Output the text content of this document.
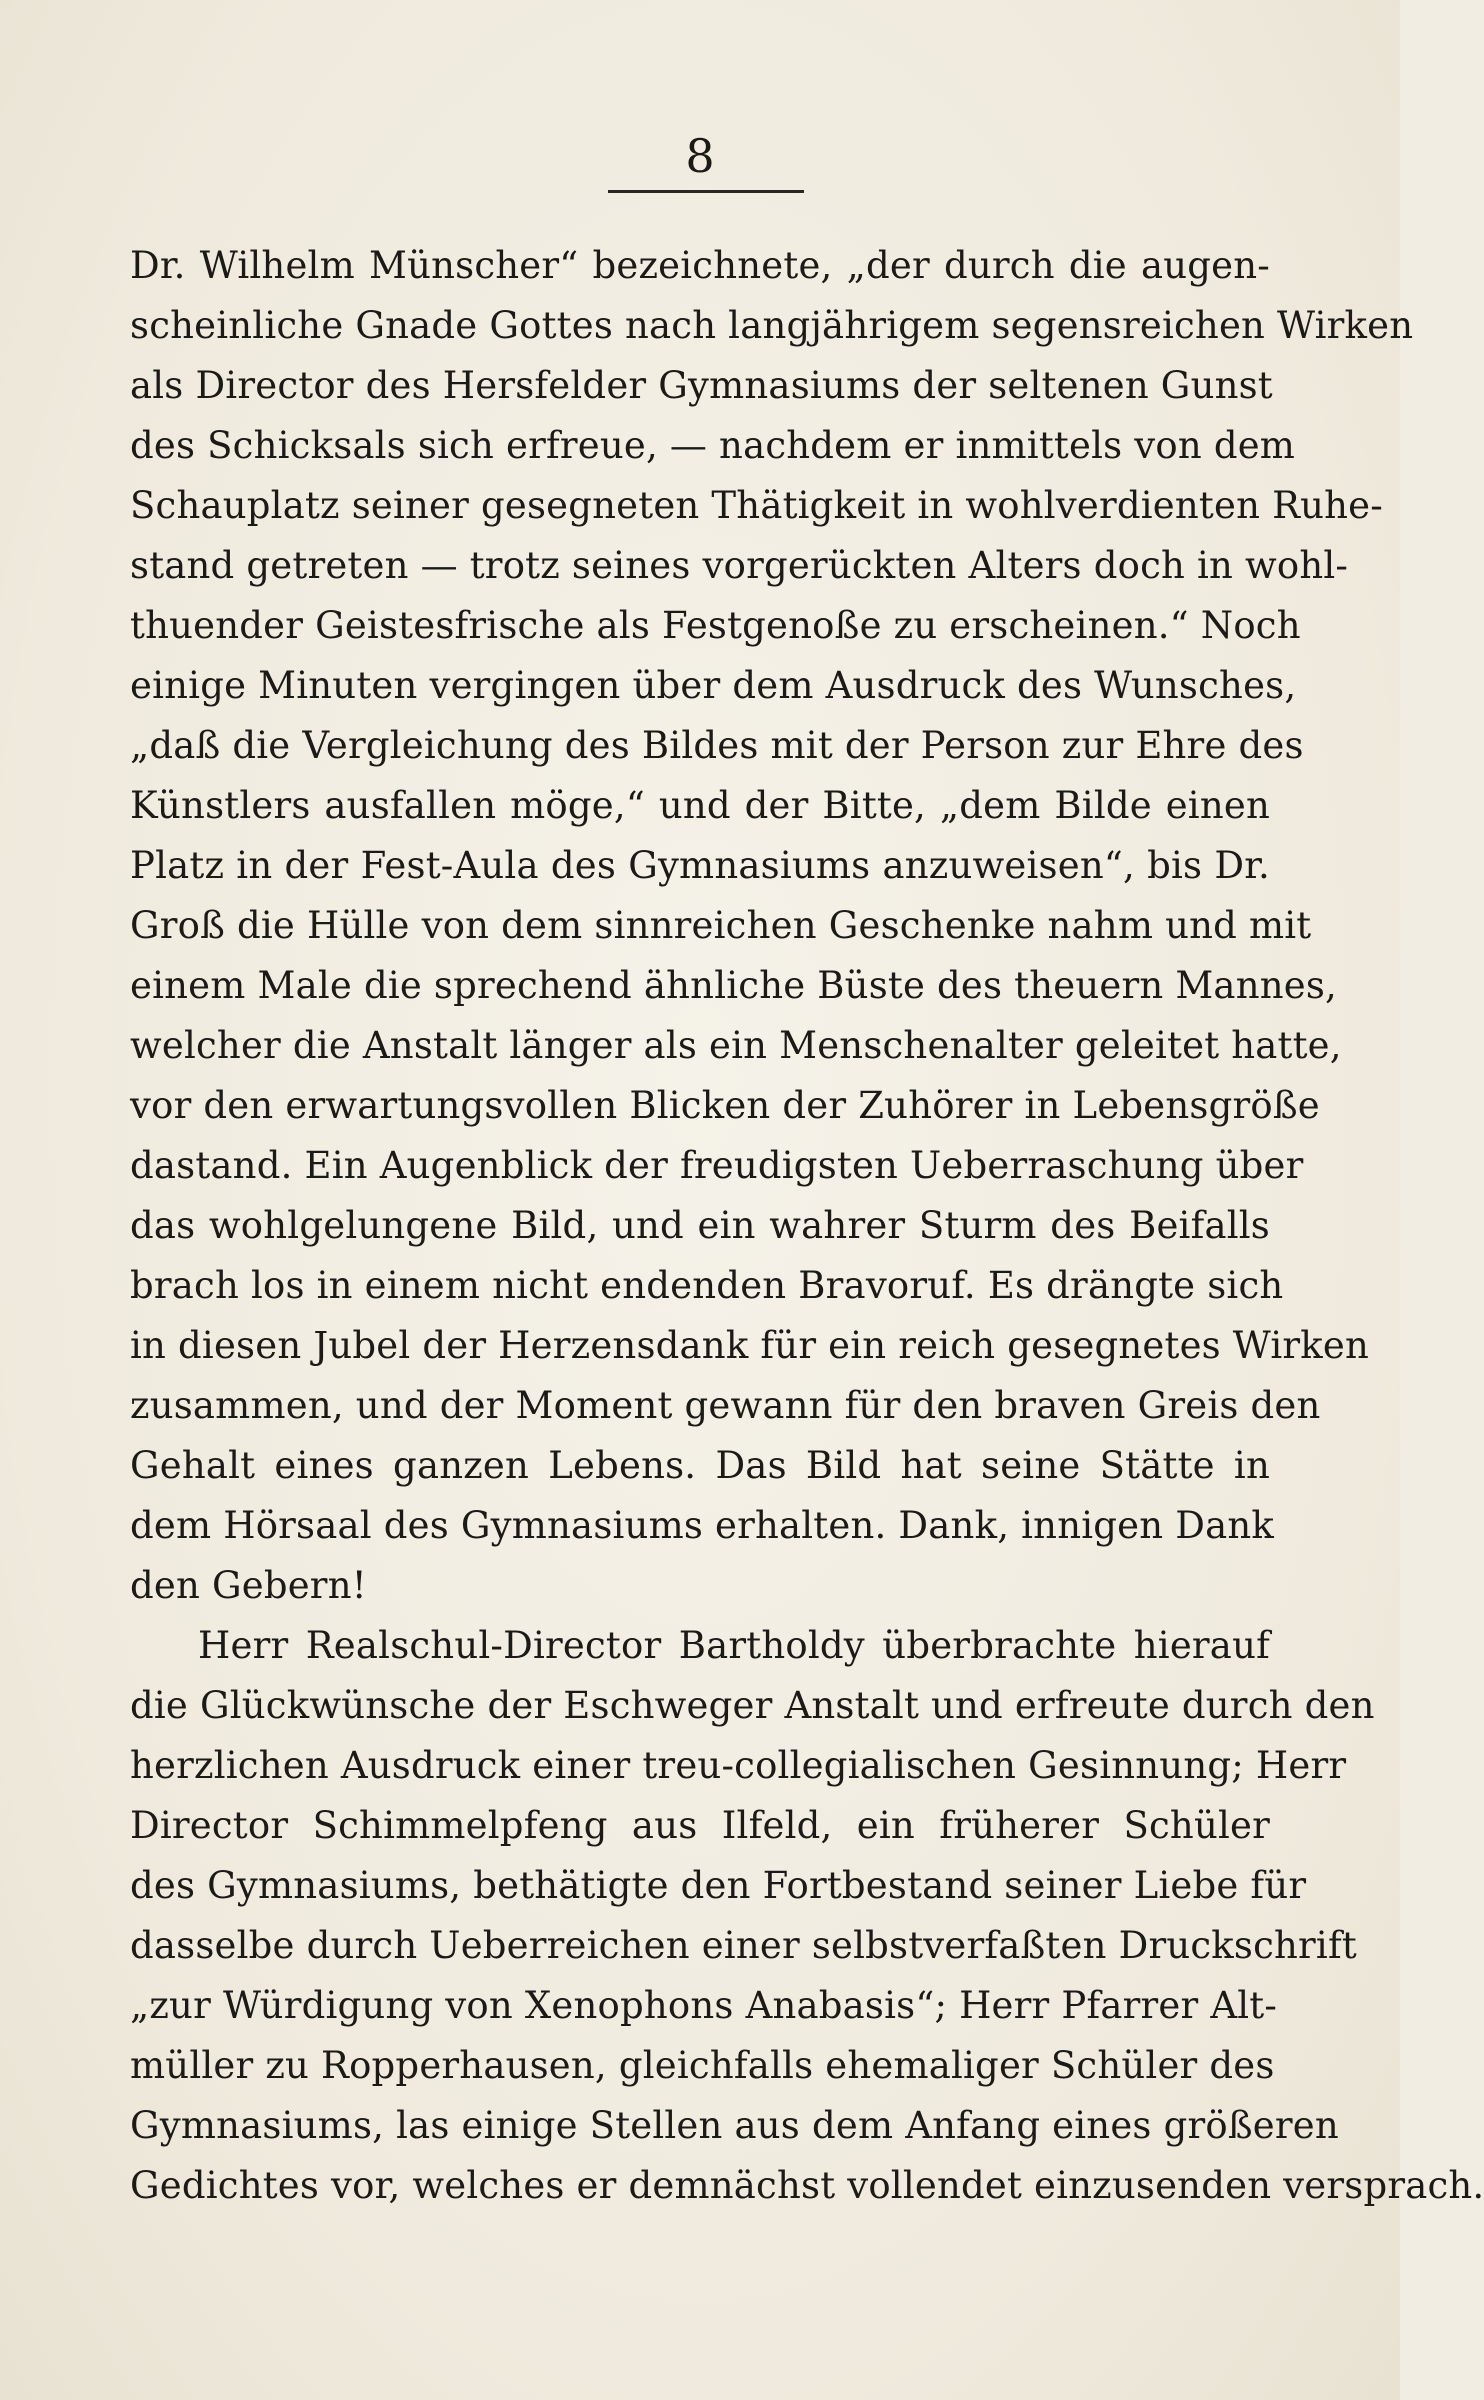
8
Dr. Wilhelm Münscher“ bezeichnete, „der durch die augen-
scheinliche Gnade Gottes nach langjährigem segensreichen Wirken
als Director des Hersfelder Gymnasiums der seltenen Gunst
des Schicksals sich erfreue, — nachdem er inmittels von dem
Schauplatz seiner gesegneten Thätigkeit in wohlverdienten Ruhe-
stand getreten — trotz seines vorgerückten Alters doch in wohl-
thuender Geistesfrische als Festgenoße zu erscheinen.“ Noch
einige Minuten vergingen über dem Ausdruck des Wunsches,
„daß die Vergleichung des Bildes mit der Person zur Ehre des
Künstlers ausfallen möge,“ und der Bitte, „dem Bilde einen
Platz in der Fest-Aula des Gymnasiums anzuweisen“, bis Dr.
Groß die Hülle von dem sinnreichen Geschenke nahm und mit
einem Male die sprechend ähnliche Büste des theuern Mannes,
welcher die Anstalt länger als ein Menschenalter geleitet hatte,
vor den erwartungsvollen Blicken der Zuhörer in Lebensgröße
dastand. Ein Augenblick der freudigsten Ueberraschung über
das wohlgelungene Bild, und ein wahrer Sturm des Beifalls
brach los in einem nicht endenden Bravoruf. Es drängte sich
in diesen Jubel der Herzensdank für ein reich gesegnetes Wirken
zusammen, und der Moment gewann für den braven Greis den
Gehalt eines ganzen Lebens. Das Bild hat seine Stätte in
dem Hörsaal des Gymnasiums erhalten. Dank, innigen Dank
den Gebern!
Herr Realschul-Director Bartholdy überbrachte hierauf
die Glückwünsche der Eschweger Anstalt und erfreute durch den
herzlichen Ausdruck einer treu-collegialischen Gesinnung; Herr
Director Schimmelpfeng aus Ilfeld, ein früherer Schüler
des Gymnasiums, bethätigte den Fortbestand seiner Liebe für
dasselbe durch Ueberreichen einer selbstverfaßten Druckschrift
„zur Würdigung von Xenophons Anabasis“; Herr Pfarrer Alt-
müller zu Ropperhausen, gleichfalls ehemaliger Schüler des
Gymnasiums, las einige Stellen aus dem Anfang eines größeren
Gedichtes vor, welches er demnächst vollendet einzusenden versprach.
